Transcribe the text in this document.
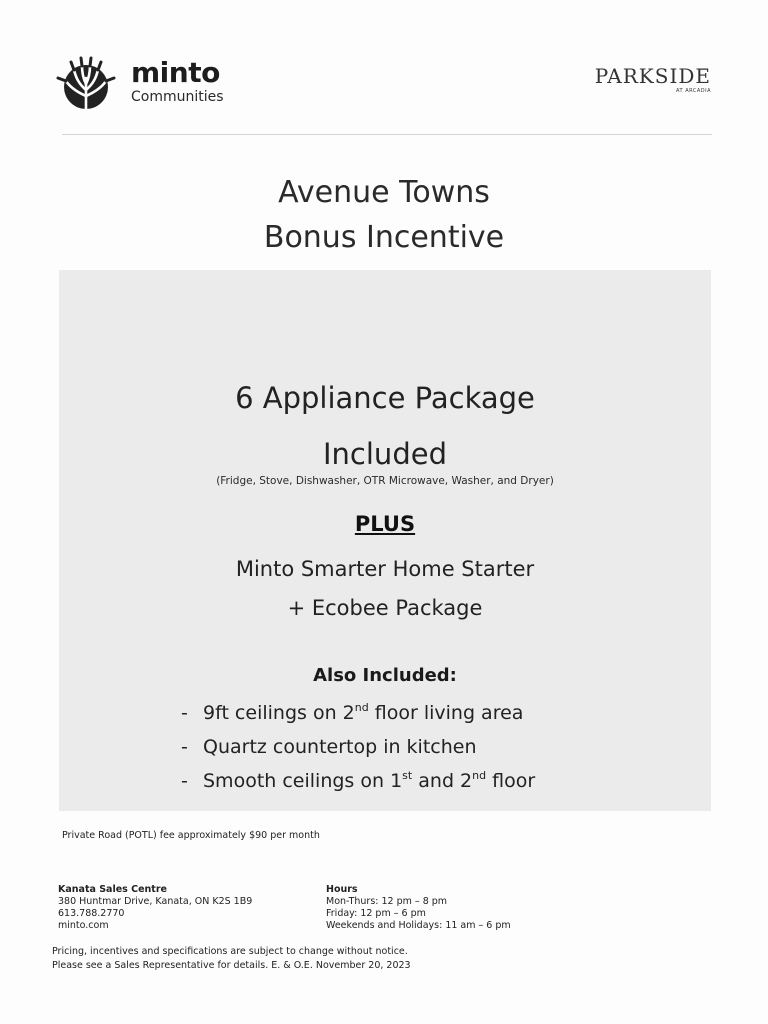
minto
Communities
PARKSIDE
AT ARCADIA
Avenue Towns
Bonus Incentive
6 Appliance Package
Included
(Fridge, Stove, Dishwasher, OTR Microwave, Washer, and Dryer)
PLUS
Minto Smarter Home Starter
+ Ecobee Package
Also Included:
- 9ft ceilings on 2nd floor living area
- Quartz countertop in kitchen
- Smooth ceilings on 1st and 2nd floor
Private Road (POTL) fee approximately $90 per month
Kanata Sales Centre
380 Huntmar Drive, Kanata, ON K2S 1B9
613.788.2770
minto.com
Hours
Mon-Thurs: 12 pm – 8 pm
Friday: 12 pm – 6 pm
Weekends and Holidays: 11 am – 6 pm
Pricing, incentives and specifications are subject to change without notice.
Please see a Sales Representative for details. E. & O.E. November 20, 2023
